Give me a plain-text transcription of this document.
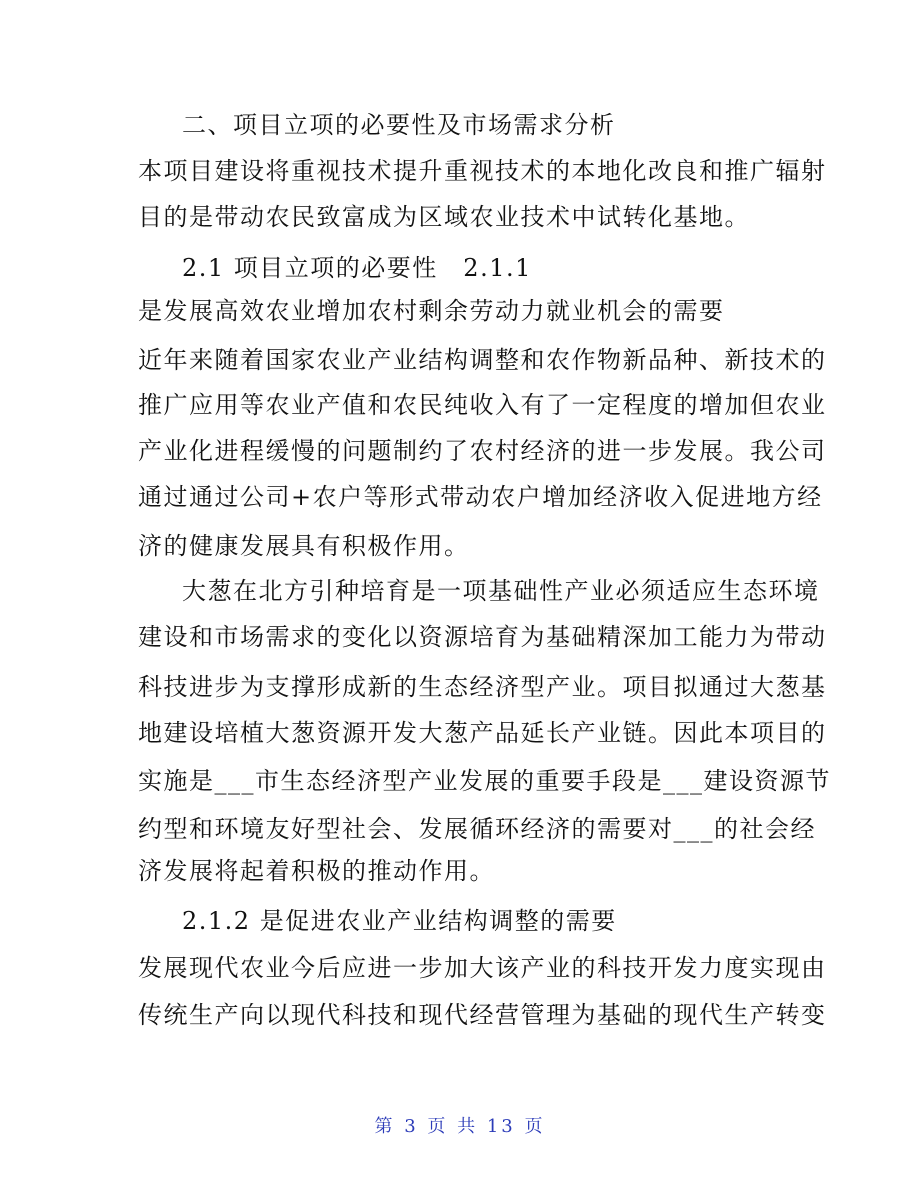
二、项目立项的必要性及市场需求分析
本项目建设将重视技术提升重视技术的本地化改良和推广辐射
目的是带动农民致富成为区域农业技术中试转化基地。
2.1 项目立项的必要性　2.1.1
是发展高效农业增加农村剩余劳动力就业机会的需要
近年来随着国家农业产业结构调整和农作物新品种、新技术的
推广应用等农业产值和农民纯收入有了一定程度的增加但农业
产业化进程缓慢的问题制约了农村经济的进一步发展。我公司
通过通过公司+农户等形式带动农户增加经济收入促进地方经
济的健康发展具有积极作用。
大葱在北方引种培育是一项基础性产业必须适应生态环境
建设和市场需求的变化以资源培育为基础精深加工能力为带动
科技进步为支撑形成新的生态经济型产业。项目拟通过大葱基
地建设培植大葱资源开发大葱产品延长产业链。因此本项目的
实施是___市生态经济型产业发展的重要手段是___建设资源节
约型和环境友好型社会、发展循环经济的需要对___的社会经
济发展将起着积极的推动作用。
2.1.2 是促进农业产业结构调整的需要
发展现代农业今后应进一步加大该产业的科技开发力度实现由
传统生产向以现代科技和现代经营管理为基础的现代生产转变
第 3 页 共 13 页
